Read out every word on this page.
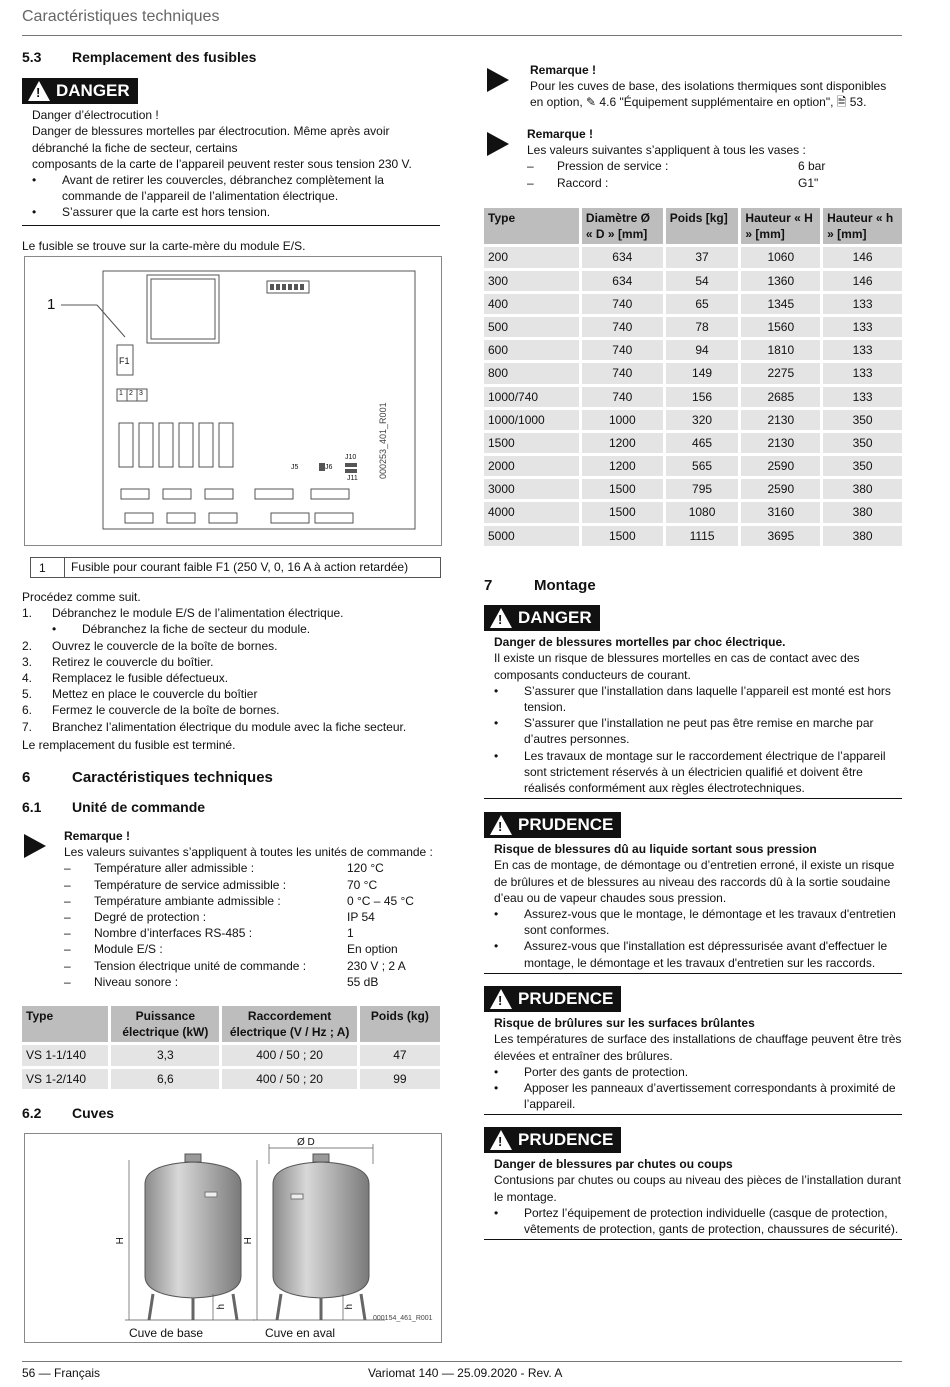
Caractéristiques techniques
5.3	Remplacement des fusibles
!
DANGER

Danger d’électrocution !

Danger de blessures mortelles par électrocution. Même après avoir débranché la fiche de secteur, certains

composants de la carte de l’appareil peuvent rester sous tension 230 V.

•	Avant de retirer les couvercles, débranchez complètement la commande de l’appareil de l’alimentation électrique.
•	S’assurer que la carte est hors tension.
Le fusible se trouve sur la carte-mère du module E/S.
1
F1
1 2 3
J10
J5	J6
J11 000253_401_R001
1	Fusible pour courant faible F1 (250 V, 0, 16 A à action retardée)

Procédez comme suit.

1.	Débranchez le module E/S de l’alimentation électrique.
•	Débranchez la fiche de secteur du module.
2.	Ouvrez le couvercle de la boîte de bornes.
3.	Retirez le couvercle du boîtier.
4.	Remplacez le fusible défectueux.
5.	Mettez en place le couvercle du boîtier
6.	Fermez le couvercle de la boîte de bornes.
7.	Branchez l’alimentation électrique du module avec la fiche secteur.

Le remplacement du fusible est terminé.

6	Caractéristiques techniques
6.1	Unité de commande

Remarque !

Les valeurs suivantes s’appliquent à toutes les unités de commande :

–	Température aller admissible :	120 °C
–	Température de service admissible :	70 °C
–	Température ambiante admissible :	0 °C – 45 °C
–	Degré de protection :	IP 54
–	Nombre d’interfaces RS-485 :	1
–	Module E/S :	En option
–	Tension électrique unité de commande :	230 V ; 2 A
–	Niveau sonore :	55 dB
Type	Puissance électrique (kW)	Raccordement électrique (V / Hz ; A)	Poids (kg)
VS 1-1/140	3,3	400 / 50 ; 20	47
VS 1-2/140	6,6	400 / 50 ; 20	99
6.2	Cuves
Ø D
H	H
h	h
000154_461_R001
Cuve de base	Cuve en aval

Remarque !

Pour les cuves de base, des isolations thermiques sont disponibles en option, ✎ 4.6 "Équipement supplémentaire en option", 🗎 53.

Remarque !

Les valeurs suivantes s’appliquent à tous les vases :

–	Pression de service :	6 bar
–	Raccord :	G1"
Type	Diamètre Ø « D » [mm]	Poids [kg]	Hauteur « H » [mm]	Hauteur « h » [mm]
200	634	37	1060	146
300	634	54	1360	146
400	740	65	1345	133
500	740	78	1560	133
600	740	94	1810	133
800	740	149	2275	133
1000/740	740	156	2685	133
1000/1000	1000	320	2130	350
1500	1200	465	2130	350
2000	1200	565	2590	350
3000	1500	795	2590	380
4000	1500	1080	3160	380
5000	1500	1115	3695	380
7	Montage
!
DANGER

Danger de blessures mortelles par choc électrique.

Il existe un risque de blessures mortelles en cas de contact avec des composants conducteurs de courant.

•	S’assurer que l’installation dans laquelle l’appareil est monté est hors tension.
•	S’assurer que l’installation ne peut pas être remise en marche par d’autres personnes.
•	Les travaux de montage sur le raccordement électrique de l’appareil sont strictement réservés à un électricien qualifié et doivent être réalisés conformément aux règles électrotechniques.
!
PRUDENCE

Risque de blessures dû au liquide sortant sous pression

En cas de montage, de démontage ou d’entretien erroné, il existe un risque de brûlures et de blessures au niveau des raccords dû à la sortie soudaine d’eau ou de vapeur chaudes sous pression.

•	Assurez-vous que le montage, le démontage et les travaux d'entretien sont conformes.
•	Assurez-vous que l'installation est dépressurisée avant d'effectuer le montage, le démontage et les travaux d'entretien sur les raccords.
!
PRUDENCE

Risque de brûlures sur les surfaces brûlantes

Les températures de surface des installations de chauffage peuvent être très élevées et entraîner des brûlures.

•	Porter des gants de protection.
•	Apposer les panneaux d’avertissement correspondants à proximité de l’appareil.
!
PRUDENCE

Danger de blessures par chutes ou coups

Contusions par chutes ou coups au niveau des pièces de l’installation durant le montage.

•	Portez l’équipement de protection individuelle (casque de protection, vêtements de protection, gants de protection, chaussures de sécurité).
56 — Français	Variomat 140 — 25.09.2020 - Rev. A
